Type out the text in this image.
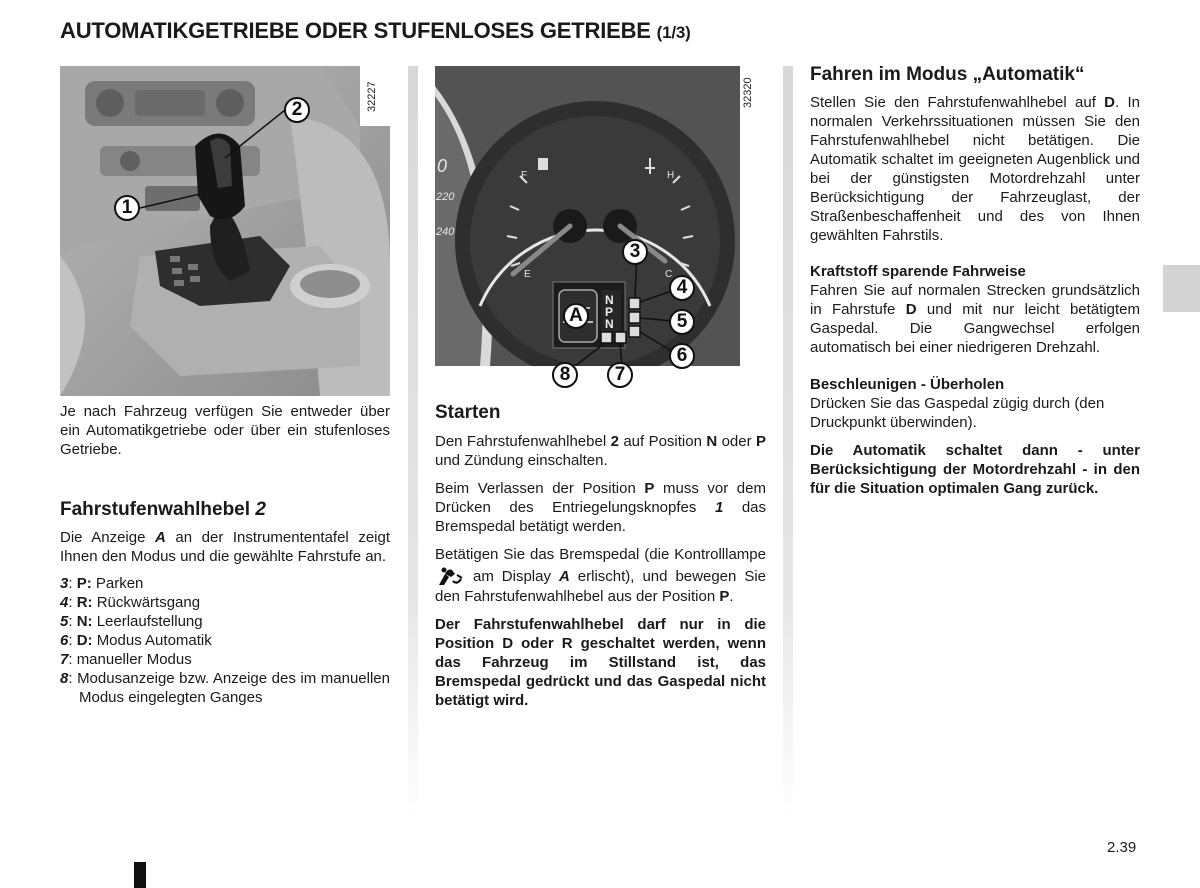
AUTOMATIKGETRIEBE ODER STUFENLOSES GETRIEBE (1/3)
32227
2
1
N
P
N
32320
0
220
240
F
E	C
H
3
4
5
6
7
8
A

Je nach Fahrzeug verfügen Sie entweder über ein Automatikgetriebe oder über ein stufenloses Getriebe.

Fahrstufenwahlhebel 2

Die Anzeige A an der Instrumententafel zeigt Ihnen den Modus und die gewählte Fahrstufe an.

3: P: Parken
4: R: Rückwärtsgang
5: N: Leerlaufstellung
6: D: Modus Automatik
7: manueller Modus
8: Modusanzeige bzw. Anzeige des im manuellen Modus eingelegten Ganges
Starten

Den Fahrstufenwahlhebel 2 auf Position N oder P und Zündung einschalten.

Beim Verlassen der Position P muss vor dem Drücken des Entriegelungsknopfes 1 das Bremspedal betätigt werden.

Betätigen Sie das Bremspedal (die Kontrolllampe  am Display A erlischt), und bewegen Sie den Fahrstufenwahlhebel aus der Position P.

Der Fahrstufenwahlhebel darf nur in die Position D oder R geschaltet werden, wenn das Fahrzeug im Stillstand ist, das Bremspedal gedrückt und das Gaspedal nicht betätigt wird.

Fahren im Modus „Automatik“

Stellen Sie den Fahrstufenwahlhebel auf D. In normalen Verkehrssituationen müssen Sie den Fahrstufenwahlhebel nicht betätigen. Die Automatik schaltet im geeigneten Augenblick und bei der günstigsten Motordrehzahl unter Berücksichtigung der Fahrzeuglast, der Straßenbeschaffenheit und des von Ihnen gewählten Fahrstils.

Kraftstoff sparende Fahrweise

Fahren Sie auf normalen Strecken grundsätzlich in Fahrstufe D und mit nur leicht betätigtem Gaspedal. Die Gangwechsel erfolgen automatisch bei einer niedrigeren Drehzahl.

Beschleunigen - Überholen

Drücken Sie das Gaspedal zügig durch (den Druckpunkt überwinden).

Die Automatik schaltet dann - unter Berücksichtigung der Motordrehzahl - in den für die Situation optimalen Gang zurück.

2.39
